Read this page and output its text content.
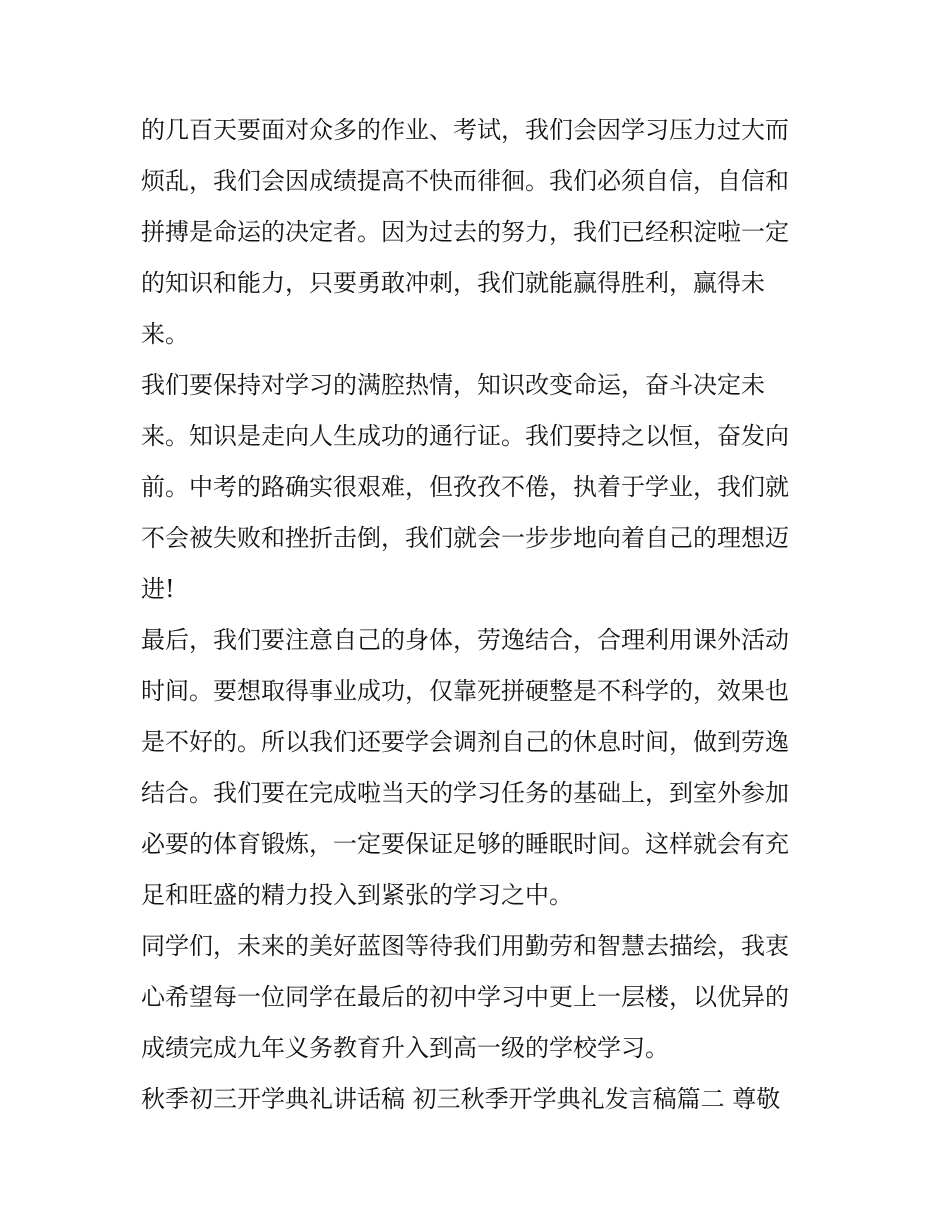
的几百天要面对众多的作业、考试，我们会因学习压力过大而
烦乱，我们会因成绩提高不快而徘徊。我们必须自信，自信和
拼搏是命运的决定者。因为过去的努力，我们已经积淀啦一定
的知识和能力，只要勇敢冲刺，我们就能赢得胜利，赢得未
来。

我们要保持对学习的满腔热情，知识改变命运，奋斗决定未
来。知识是走向人生成功的通行证。我们要持之以恒，奋发向
前。中考的路确实很艰难，但孜孜不倦，执着于学业，我们就
不会被失败和挫折击倒，我们就会一步步地向着自己的理想迈
进!

最后，我们要注意自己的身体，劳逸结合，合理利用课外活动
时间。要想取得事业成功，仅靠死拼硬整是不科学的，效果也
是不好的。所以我们还要学会调剂自己的休息时间，做到劳逸
结合。我们要在完成啦当天的学习任务的基础上，到室外参加
必要的体育锻炼，一定要保证足够的睡眠时间。这样就会有充
足和旺盛的精力投入到紧张的学习之中。

同学们，未来的美好蓝图等待我们用勤劳和智慧去描绘，我衷
心希望每一位同学在最后的初中学习中更上一层楼，以优异的
成绩完成九年义务教育升入到高一级的学校学习。

秋季初三开学典礼讲话稿 初三秋季开学典礼发言稿篇二 尊敬
